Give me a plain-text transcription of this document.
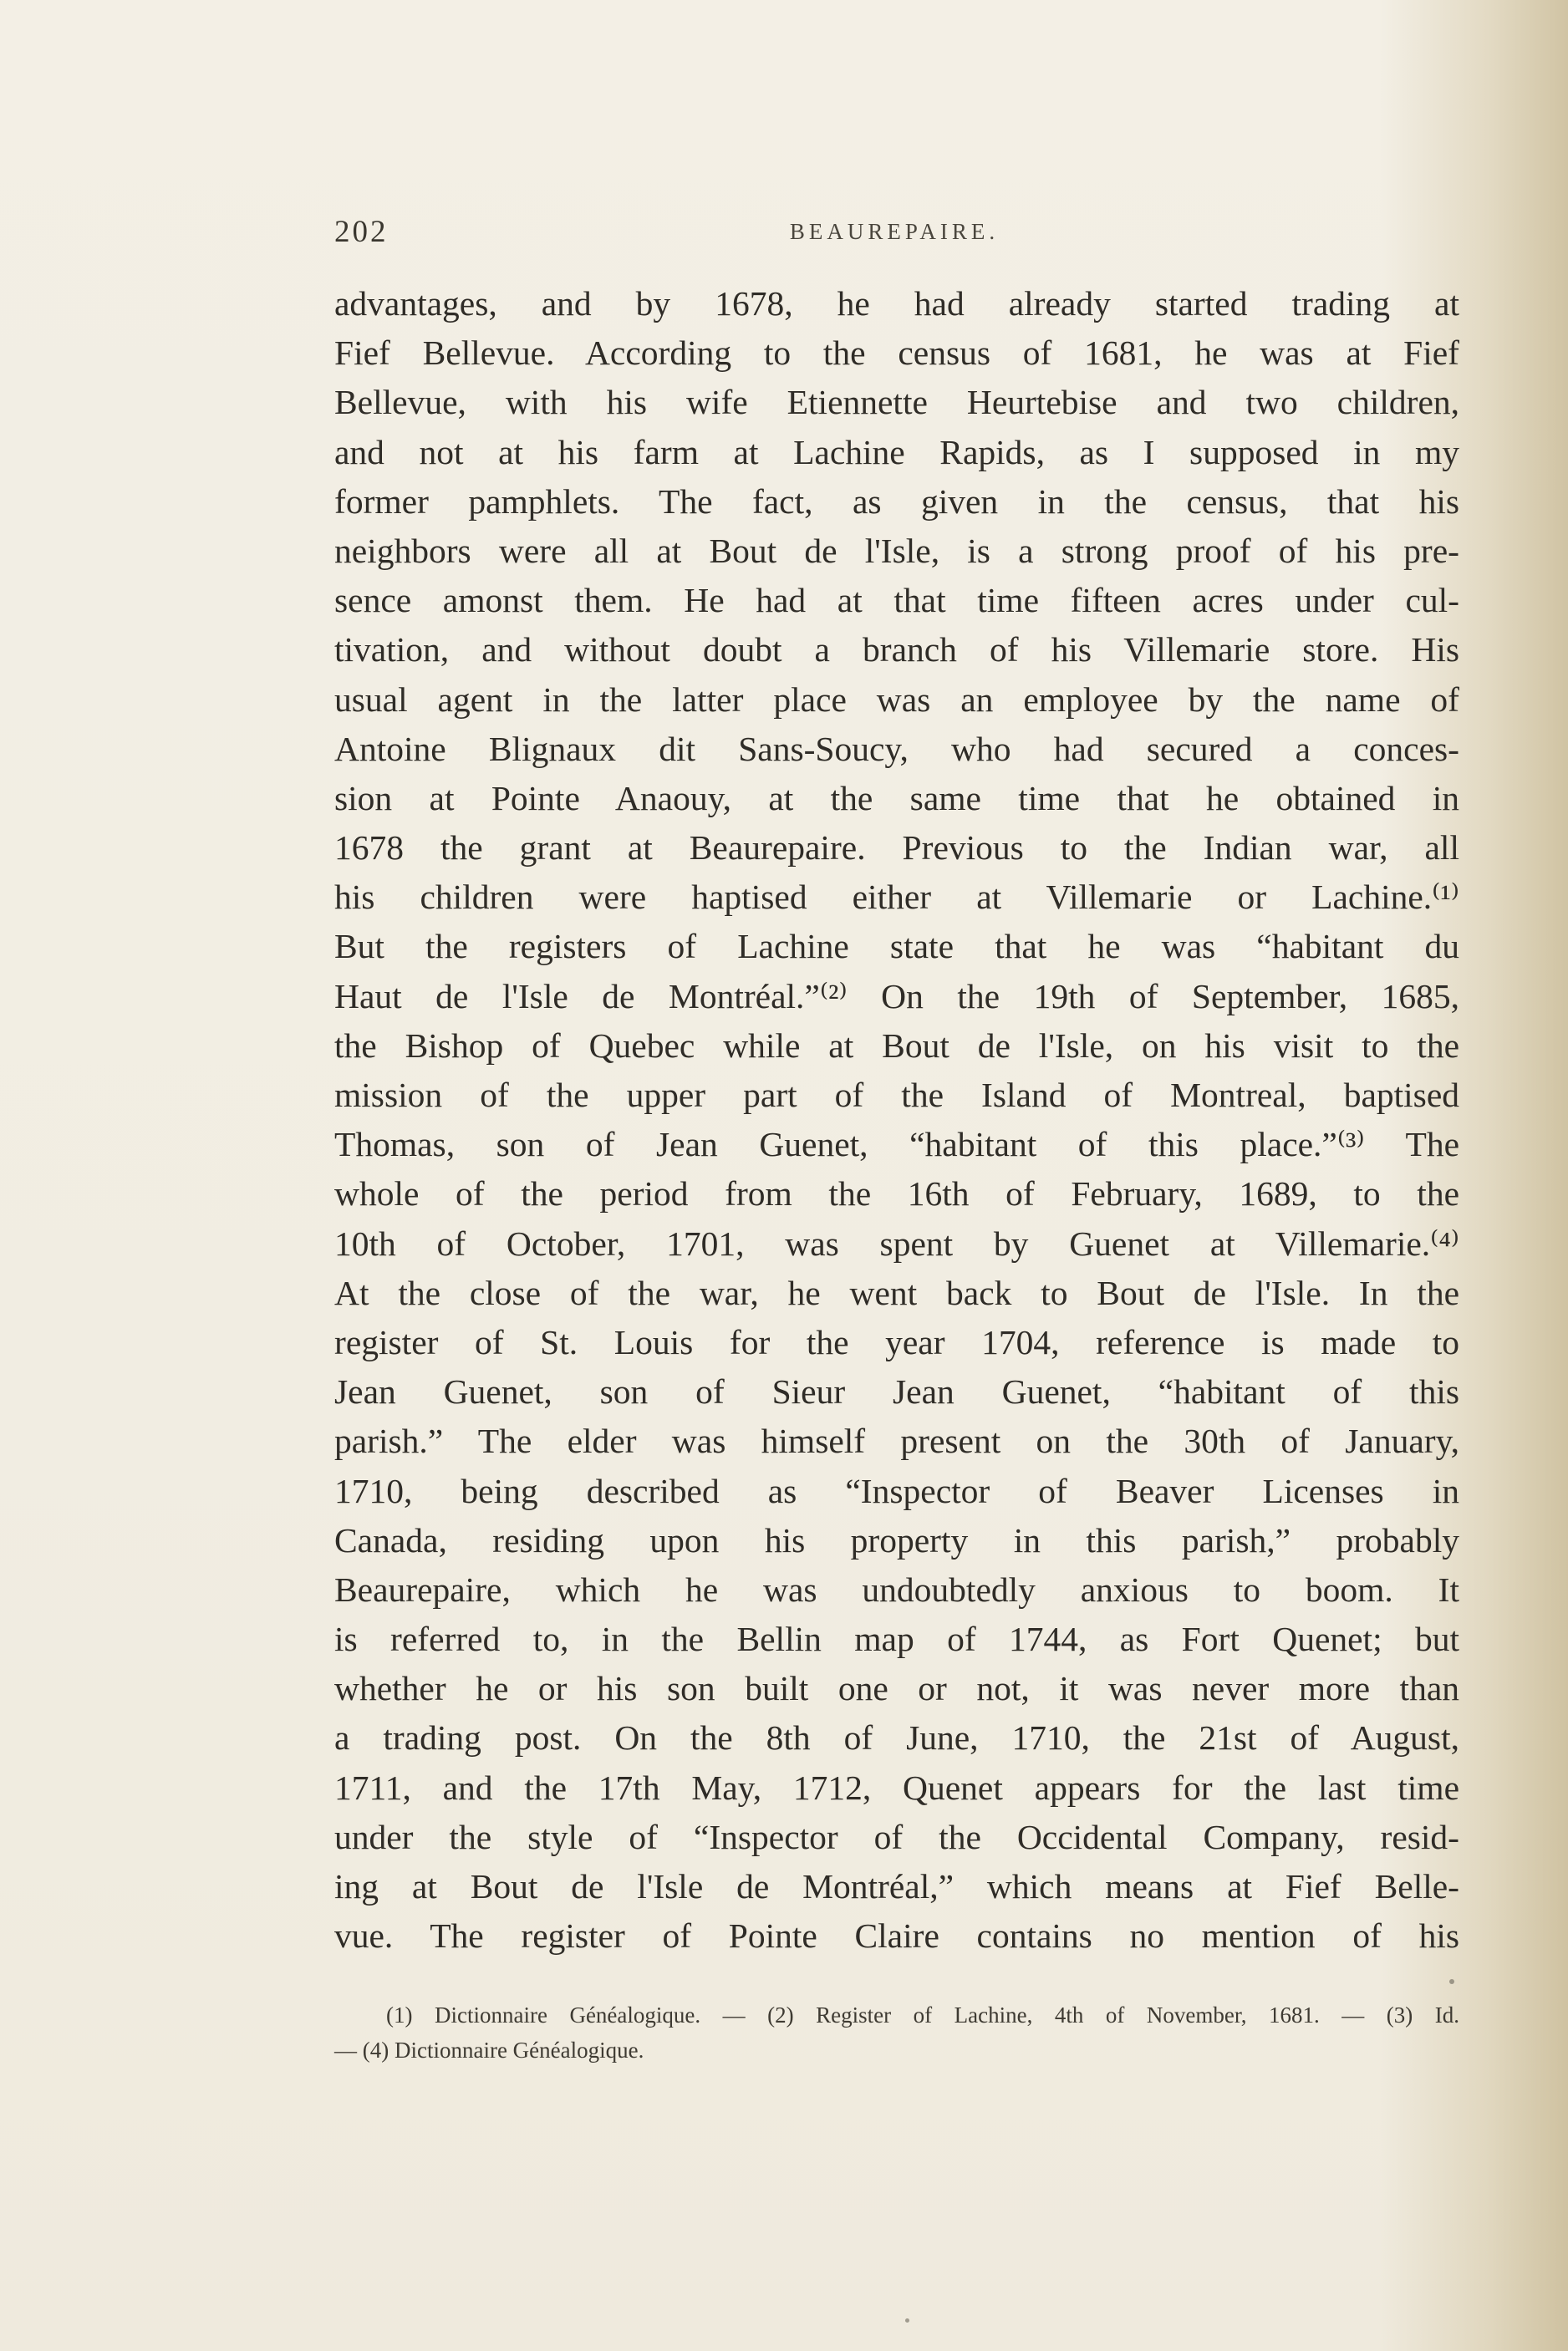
202	BEAUREPAIRE.
advantages, and by 1678, he had already started trading at
Fief Bellevue. According to the census of 1681, he was at Fief
Bellevue, with his wife Etiennette Heurtebise and two children,
and not at his farm at Lachine Rapids, as I supposed in my
former pamphlets. The fact, as given in the census, that his
neighbors were all at Bout de l'Isle, is a strong proof of his pre-
sence amonst them. He had at that time fifteen acres under cul-
tivation, and without doubt a branch of his Villemarie store. His
usual agent in the latter place was an employee by the name of
Antoine Blignaux dit Sans-Soucy, who had secured a conces-
sion at Pointe Anaouy, at the same time that he obtained in
1678 the grant at Beaurepaire. Previous to the Indian war, all
his children were haptised either at Villemarie or Lachine.⁽¹⁾
But the registers of Lachine state that he was “habitant du
Haut de l'Isle de Montréal.”⁽²⁾ On the 19th of September, 1685,
the Bishop of Quebec while at Bout de l'Isle, on his visit to the
mission of the upper part of the Island of Montreal, baptised
Thomas, son of Jean Guenet, “habitant of this place.”⁽³⁾ The
whole of the period from the 16th of February, 1689, to the
10th of October, 1701, was spent by Guenet at Villemarie.⁽⁴⁾
At the close of the war, he went back to Bout de l'Isle. In the
register of St. Louis for the year 1704, reference is made to
Jean Guenet, son of Sieur Jean Guenet, “habitant of this
parish.” The elder was himself present on the 30th of January,
1710, being described as “Inspector of Beaver Licenses in
Canada, residing upon his property in this parish,” probably
Beaurepaire, which he was undoubtedly anxious to boom. It
is referred to, in the Bellin map of 1744, as Fort Quenet; but
whether he or his son built one or not, it was never more than
a trading post. On the 8th of June, 1710, the 21st of August,
1711, and the 17th May, 1712, Quenet appears for the last time
under the style of “Inspector of the Occidental Company, resid-
ing at Bout de l'Isle de Montréal,” which means at Fief Belle-
vue. The register of Pointe Claire contains no mention of his
(1) Dictionnaire Généalogique. — (2) Register of Lachine, 4th of November, 1681. — (3) Id.
— (4) Dictionnaire Généalogique.
